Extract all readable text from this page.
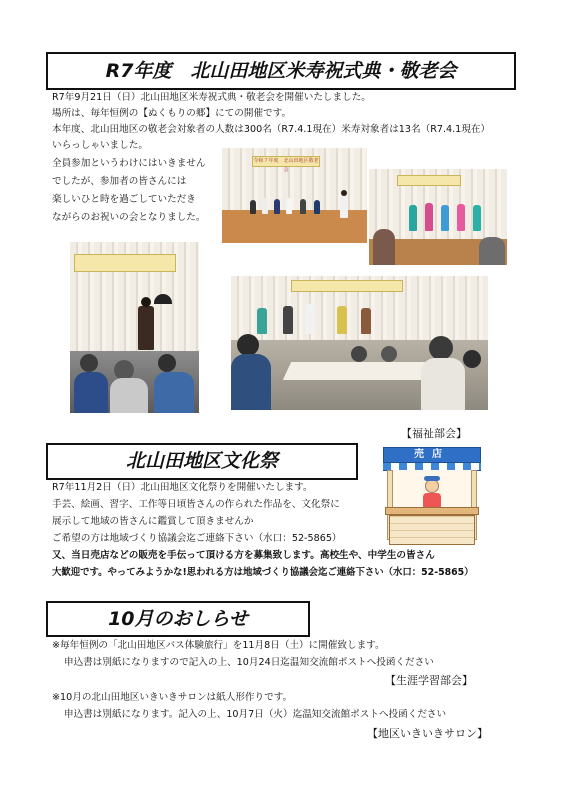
R7年度　北山田地区米寿祝式典・敬老会
R7年9月21日（日）北山田地区米寿祝式典・敬老会を開催いたしました。
場所は、毎年恒例の【ぬくもりの郷】にての開催です。
本年度、北山田地区の敬老会対象者の人数は300名（R7.4.1現在）米寿対象者は13名（R7.4.1現在）
いらっしゃいました。
全員参加というわけにはいきません
でしたが、参加者の皆さんには
楽しいひと時を過ごしていただき
ながらのお祝いの会となりました。
令和７年度　北山田地区敬老会
【福祉部会】
北山田地区文化祭
R7年11月2日（日）北山田地区文化祭りを開催いたします。
手芸、絵画、習字、工作等日頃皆さんの作られた作品を、文化祭に
展示して地域の皆さんに鑑賞して頂きませんか
ご希望の方は地域づくり協議会迄ご連絡下さい（水口：52-5865）
又、当日売店などの販売を手伝って頂ける方を募集致します。高校生や、中学生の皆さん
大歓迎です。やってみようかな!思われる方は地域づくり協議会迄ご連絡下さい（水口：52-5865）
売店
10月のおしらせ
※毎年恒例の「北山田地区バス体験旅行」を11月8日（土）に開催致します。
申込書は別紙になりますので記入の上、10月24日迄温知交流館ポストへ投函ください
【生涯学習部会】
※10月の北山田地区いきいきサロンは紙人形作りです。
申込書は別紙になります。記入の上、10月7日（火）迄温知交流館ポストへ投函ください
【地区いきいきサロン】
